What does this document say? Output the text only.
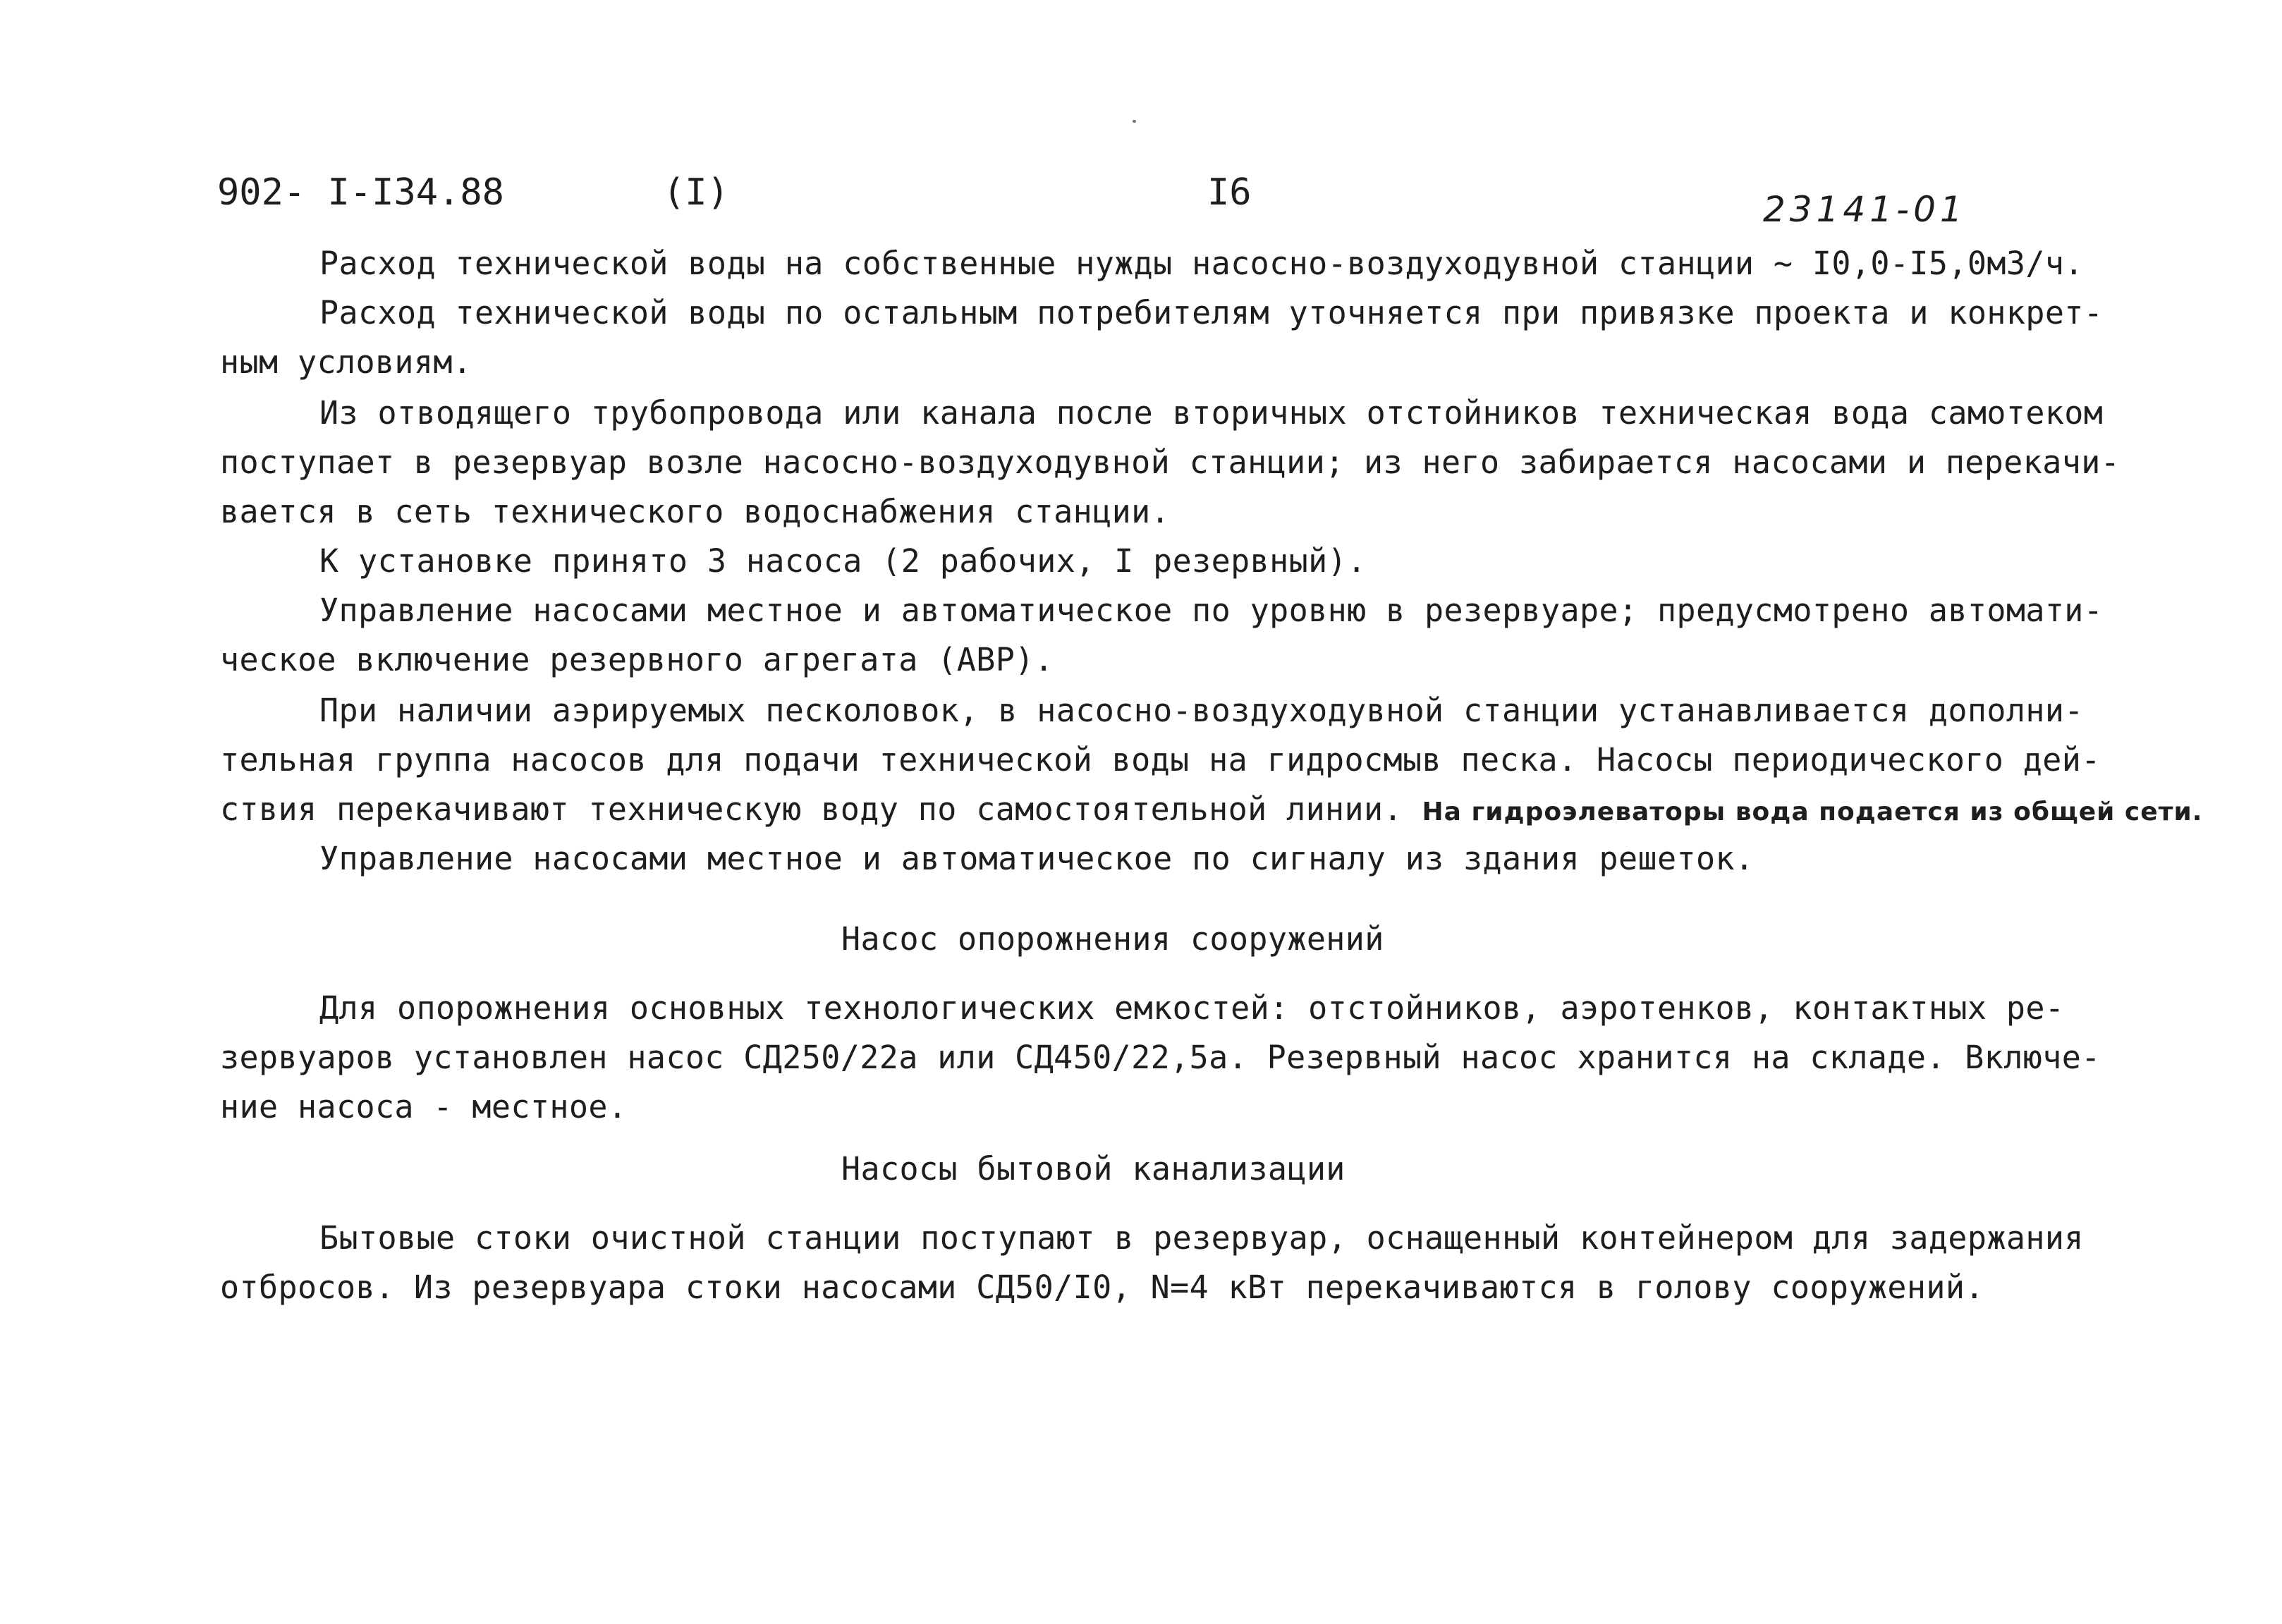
902- I-I34.88	(I)	I6	23141-01
Расход технической воды на собственные нужды насосно-воздуходувной станции ~ I0,0-I5,0м3/ч.
Расход технической воды по остальным потребителям уточняется при привязке проекта и конкрет-
ным условиям.
Из отводящего трубопровода или канала после вторичных отстойников техническая вода самотеком
поступает в резервуар возле насосно-воздуходувной станции; из него забирается насосами и перекачи-
вается в сеть технического водоснабжения станции.
К установке принято 3 насоса (2 рабочих, I резервный).
Управление насосами местное и автоматическое по уровню в резервуаре; предусмотрено автомати-
ческое включение резервного агрегата (АВР).
При наличии аэрируемых песколовок, в насосно-воздуходувной станции устанавливается дополни-
тельная группа насосов для подачи технической воды на гидросмыв песка. Насосы периодического дей-
ствия перекачивают техническую воду по самостоятельной линии. На гидроэлеваторы вода подается из общей сети.
Управление насосами местное и автоматическое по сигналу из здания решеток.
Насос опорожнения сооружений
Для опорожнения основных технологических емкостей: отстойников, аэротенков, контактных ре-
зервуаров установлен насос СД250/22а или СД450/22,5а. Резервный насос хранится на складе. Включе-
ние насоса - местное.
Насосы бытовой канализации
Бытовые стоки очистной станции поступают в резервуар, оснащенный контейнером для задержания
отбросов. Из резервуара стоки насосами СД50/I0, N=4 кВт перекачиваются в голову сооружений.
